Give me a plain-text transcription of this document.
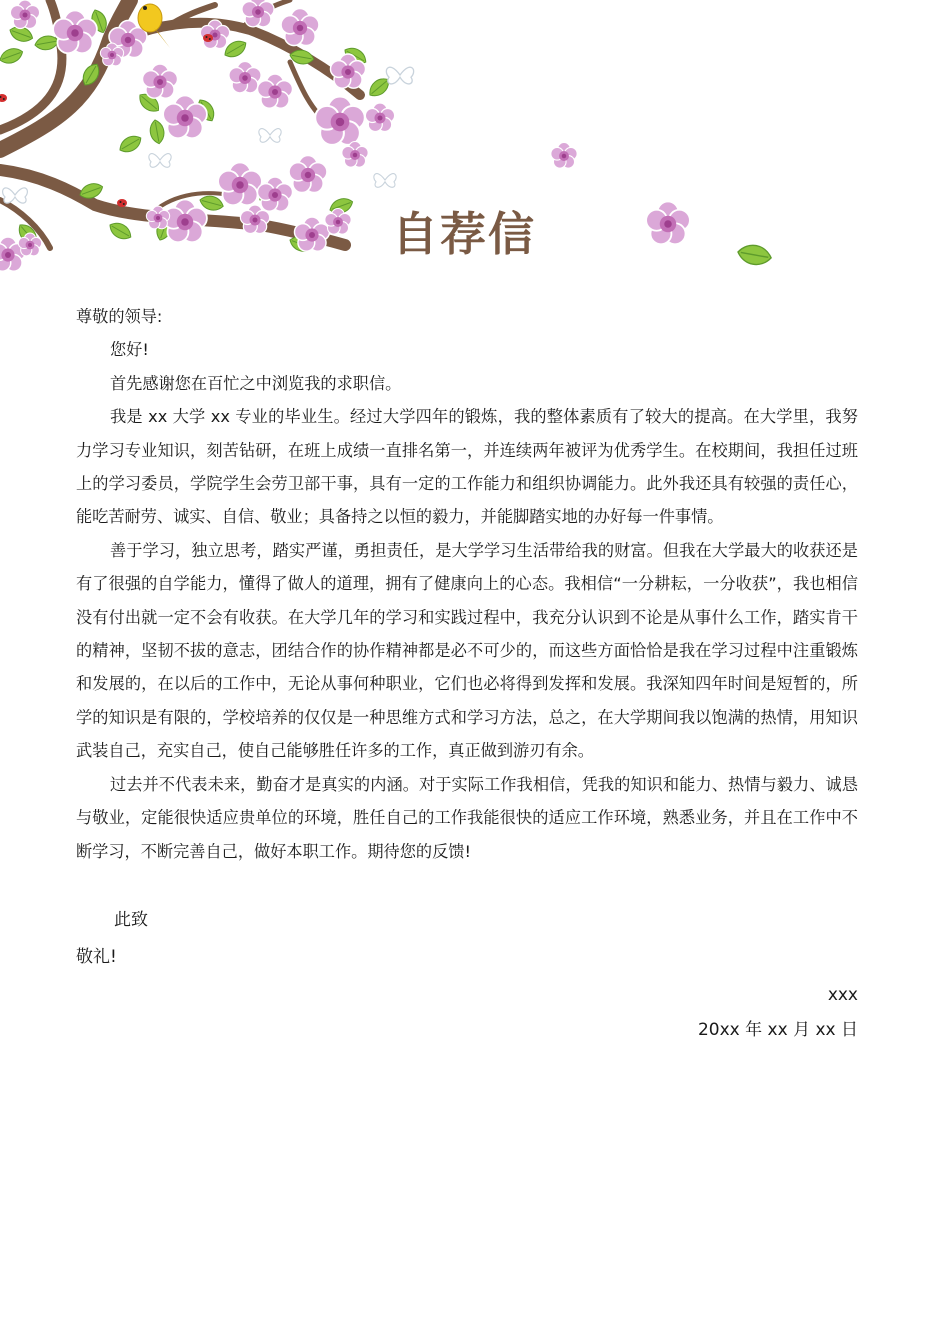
自荐信

尊敬的领导:

您好!

首先感谢您在百忙之中浏览我的求职信。

我是 xx 大学 xx 专业的毕业生。经过大学四年的锻炼，我的整体素质有了较大的提高。在大学里，我努力学习专业知识，刻苦钻研，在班上成绩一直排名第一，并连续两年被评为优秀学生。在校期间，我担任过班上的学习委员，学院学生会劳卫部干事，具有一定的工作能力和组织协调能力。此外我还具有较强的责任心，能吃苦耐劳、诚实、自信、敬业；具备持之以恒的毅力，并能脚踏实地的办好每一件事情。

善于学习，独立思考，踏实严谨，勇担责任，是大学学习生活带给我的财富。但我在大学最大的收获还是有了很强的自学能力，懂得了做人的道理，拥有了健康向上的心态。我相信“一分耕耘，一分收获”，我也相信没有付出就一定不会有收获。在大学几年的学习和实践过程中，我充分认识到不论是从事什么工作，踏实肯干的精神，坚韧不拔的意志，团结合作的协作精神都是必不可少的，而这些方面恰恰是我在学习过程中注重锻炼和发展的，在以后的工作中，无论从事何种职业，它们也必将得到发挥和发展。我深知四年时间是短暂的，所学的知识是有限的，学校培养的仅仅是一种思维方式和学习方法，总之，在大学期间我以饱满的热情，用知识武装自己，充实自己，使自己能够胜任许多的工作，真正做到游刃有余。

过去并不代表未来，勤奋才是真实的内涵。对于实际工作我相信，凭我的知识和能力、热情与毅力、诚恳与敬业，定能很快适应贵单位的环境，胜任自己的工作我能很快的适应工作环境，熟悉业务，并且在工作中不断学习，不断完善自己，做好本职工作。期待您的反馈!

此致

敬礼!

xxx

20xx 年 xx 月 xx 日
